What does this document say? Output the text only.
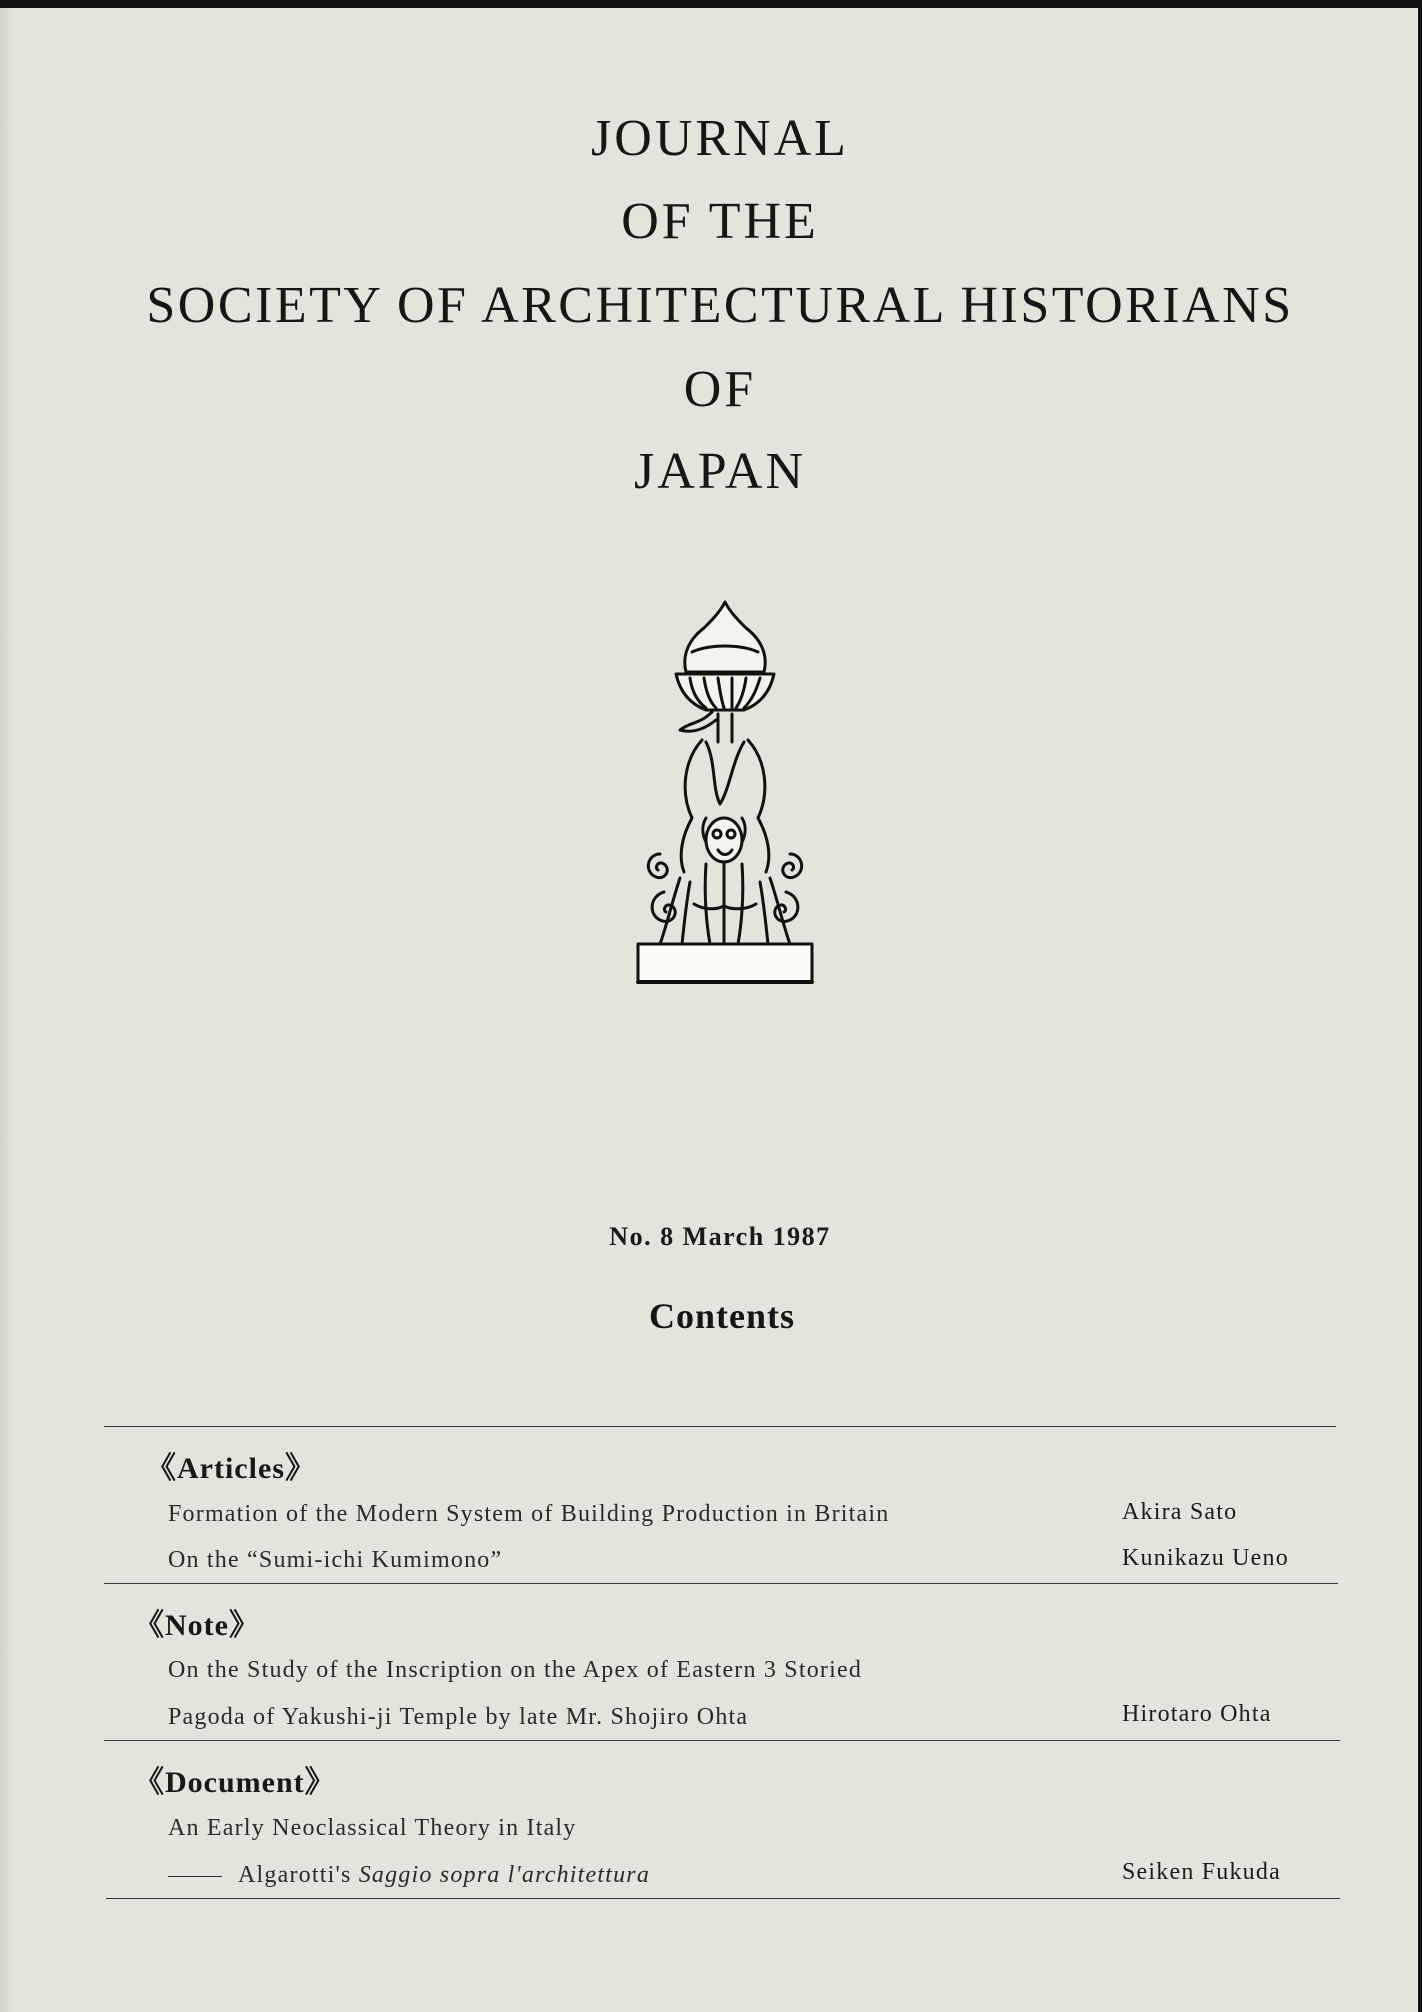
JOURNAL
OF THE
SOCIETY OF ARCHITECTURAL HISTORIANS
OF
JAPAN
No. 8 March 1987
Contents
《Articles》
Formation of the Modern System of Building Production in Britain	Akira Sato
On the “Sumi-ichi Kumimono”	Kunikazu Ueno
《Note》
On the Study of the Inscription on the Apex of Eastern 3 Storied
Pagoda of Yakushi-ji Temple by late Mr. Shojiro Ohta	Hirotaro Ohta
《Document》
An Early Neoclassical Theory in Italy
Algarotti's Saggio sopra l'architettura	Seiken Fukuda
